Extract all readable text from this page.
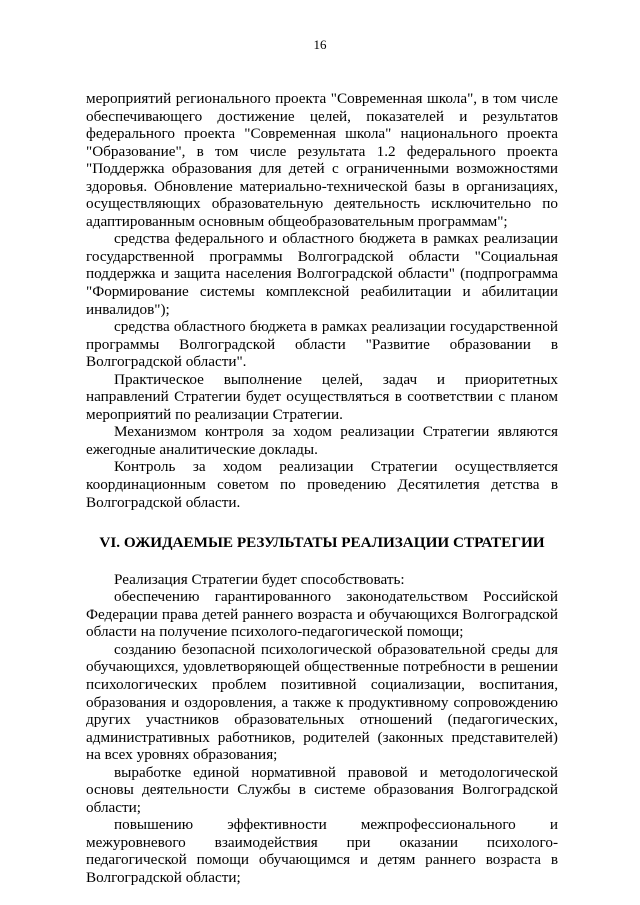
16

мероприятий регионального проекта "Современная школа", в том числе обеспечивающего достижение целей, показателей и результатов федерального проекта "Современная школа" национального проекта "Образование", в том числе результата 1.2 федерального проекта "Поддержка образования для детей с ограниченными возможностями здоровья. Обновление материально-технической базы в организациях, осуществляющих образовательную деятельность исключительно по адаптированным основным общеобразовательным программам";

средства федерального и областного бюджета в рамках реализации государственной программы Волгоградской области "Социальная поддержка и защита населения Волгоградской области" (подпрограмма "Формирование системы комплексной реабилитации и абилитации инвалидов");

средства областного бюджета в рамках реализации государственной программы Волгоградской области "Развитие образовании в Волгоградской области".

Практическое выполнение целей, задач и приоритетных направлений Стратегии будет осуществляться в соответствии с планом мероприятий по реализации Стратегии.

Механизмом контроля за ходом реализации Стратегии являются ежегодные аналитические доклады.

Контроль за ходом реализации Стратегии осуществляется координационным советом по проведению Десятилетия детства в Волгоградской области.

VI. ОЖИДАЕМЫЕ РЕЗУЛЬТАТЫ РЕАЛИЗАЦИИ СТРАТЕГИИ

Реализация Стратегии будет способствовать:

обеспечению гарантированного законодательством Российской Федерации права детей раннего возраста и обучающихся Волгоградской области на получение психолого-педагогической помощи;

созданию безопасной психологической образовательной среды для обучающихся, удовлетворяющей общественные потребности в решении психологических проблем позитивной социализации, воспитания, образования и оздоровления, а также к продуктивному сопровождению других участников образовательных отношений (педагогических, административных работников, родителей (законных представителей) на всех уровнях образования;

выработке единой нормативной правовой и методологической основы деятельности Службы в системе образования Волгоградской области;

повышению эффективности межпрофессионального и межуровневого взаимодействия при оказании психолого-педагогической помощи обучающимся и детям раннего возраста в Волгоградской области;
